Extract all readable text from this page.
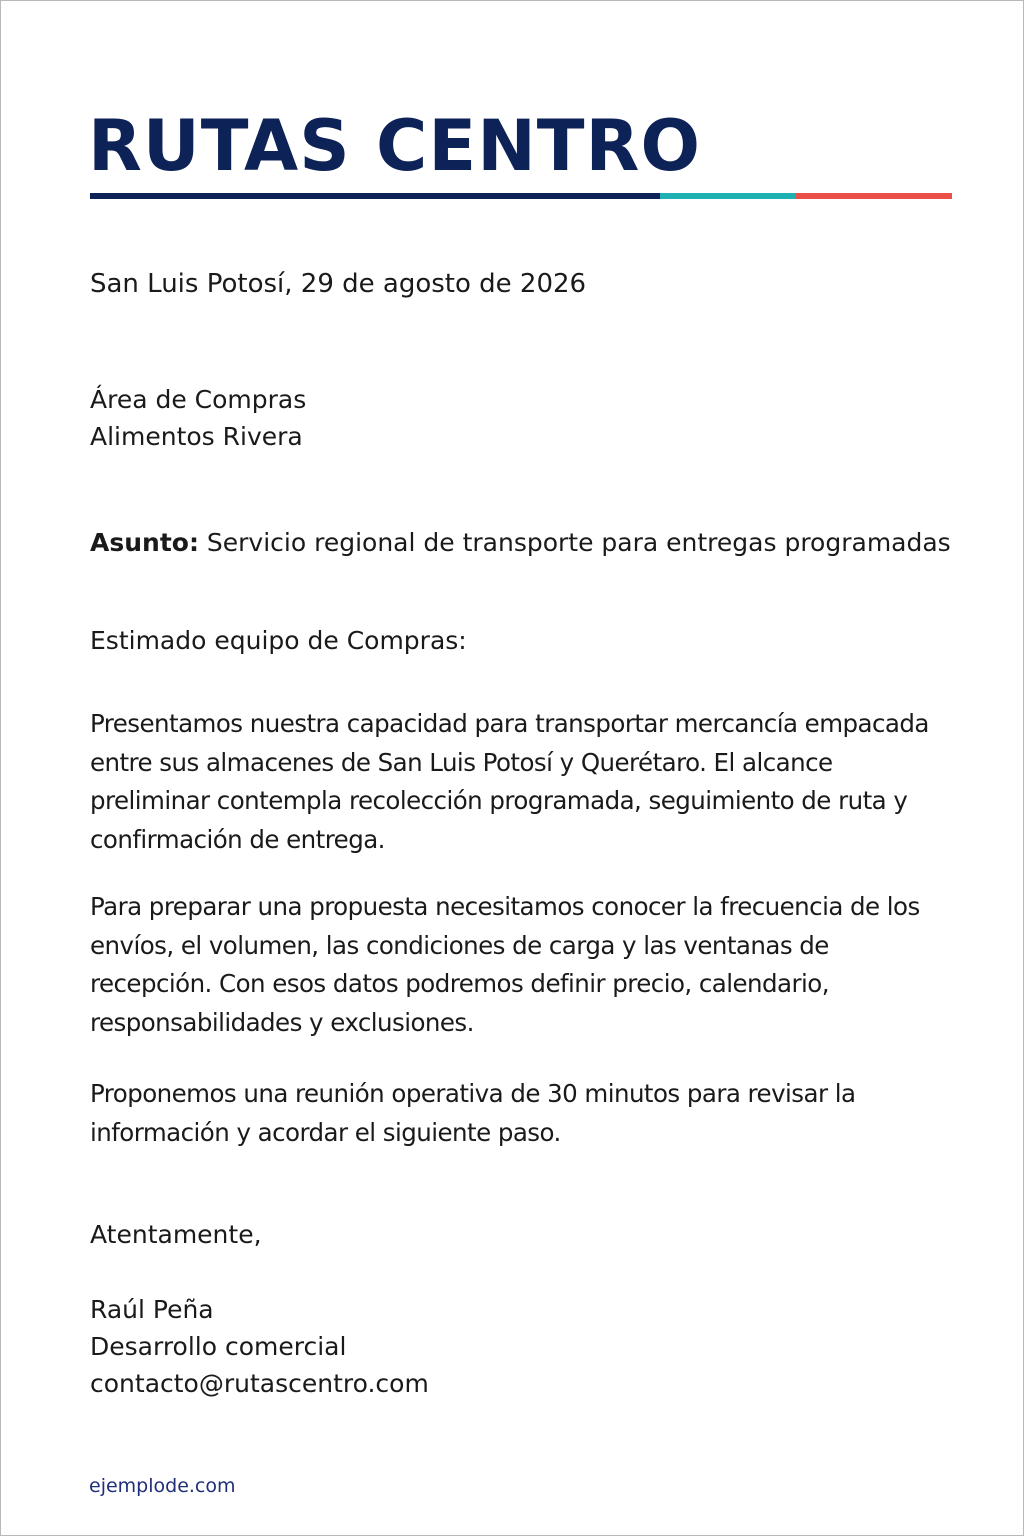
RUTAS CENTRO

San Luis Potosí, 29 de agosto de 2026

Área de Compras
Alimentos Rivera

Asunto: Servicio regional de transporte para entregas programadas

Estimado equipo de Compras:

Presentamos nuestra capacidad para transportar mercancía empacada entre sus almacenes de San Luis Potosí y Querétaro. El alcance preliminar contempla recolección programada, seguimiento de ruta y confirmación de entrega.

Para preparar una propuesta necesitamos conocer la frecuencia de los envíos, el volumen, las condiciones de carga y las ventanas de recepción. Con esos datos podremos definir precio, calendario, responsabilidades y exclusiones.

Proponemos una reunión operativa de 30 minutos para revisar la información y acordar el siguiente paso.

Atentamente,

Raúl Peña
Desarrollo comercial
contacto@rutascentro.com

ejemplode.com
